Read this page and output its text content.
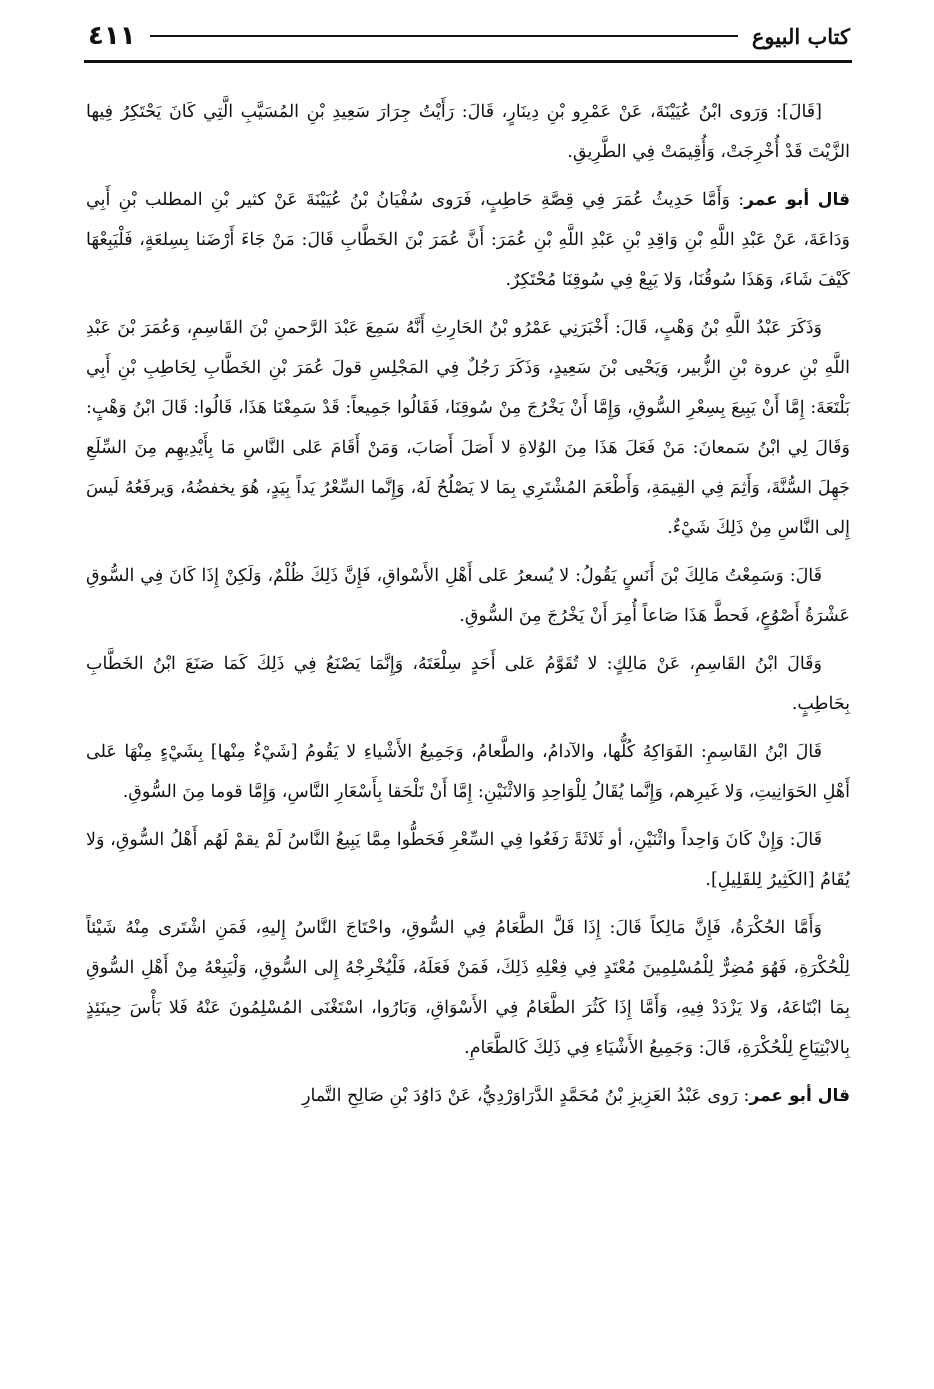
كتاب البيوع
٤١١

[قَالَ]: وَرَوى ابْنُ عُيَيْنَةَ، عَنْ عَمْرِو بْنِ دِينَارٍ، قَالَ: رَأَيْتُ جِرَارَ سَعِيدِ بْنِ المُسَيَّبِ الَّتِي كَانَ يَحْتَكِرُ فِيها الزَّيْتَ قَدْ أُخْرِجَتْ، وَأُقِيمَتْ فِي الطَّرِيقِ.

قال أبو عمر: وَأَمَّا حَدِيثُ عُمَرَ فِي قِصَّةِ حَاطِبٍ، فَرَوى سُفْيَانُ بْنُ عُيَيْنَةَ عَنْ كثير بْنِ المطلب بْنِ أَبِي وَدَاعَةَ، عَنْ عَبْدِ اللَّهِ بْنِ وَاقِدِ بْنِ عَبْدِ اللَّهِ بْنِ عُمَرَ: أَنَّ عُمَرَ بْنَ الخَطَّابِ قَالَ: مَنْ جَاءَ أَرْضَنا بِسِلعَةٍ، فَلْيَبِعْهَا كَيْفَ شَاءَ، وَهَذَا سُوقُنَا، وَلا يَبِعْ فِي سُوقِنَا مُحْتَكِرٌ.

وَذَكَرَ عَبْدُ اللَّهِ بْنُ وَهْبٍ، قَالَ: أَخْبَرَنِي عَمْرُو بْنُ الحَارِثِ أَنَّهُ سَمِعَ عَبْدَ الرَّحمنِ بْنَ القَاسِمِ، وَعُمَرَ بْنَ عَبْدِ اللَّهِ بْنِ عروة بْنِ الزُّبير، وَيَحْيى بْنَ سَعِيدٍ، وَذَكَرَ رَجُلٌ فِي المَجْلِسِ قولَ عُمَرَ بْنِ الخَطَّابِ لِحَاطِبِ بْنِ أَبِي بَلْتَعَةَ: إِمَّا أَنْ يَبِيعَ بِسِعْرِ السُّوقِ، وَإِمَّا أَنْ يَخْرُجَ مِنْ سُوقِنَا، فَقَالُوا جَمِيعاً: قَدْ سَمِعْنَا هَذَا، قَالُوا: قَالَ ابْنُ وَهْبٍ: وَقَالَ لِي ابْنُ سَمعانَ: مَنْ فَعَلَ هَذَا مِنَ الوُلاةِ لا أَصَلَ أَصَابَ، وَمَنْ أَقَامَ عَلى النَّاسِ مَا بِأَيْدِيهِم مِنَ السِّلَعِ جَهِلَ السُّنَّةَ، وَأَثِمَ فِي القِيمَةِ، وَأَطْعَمَ المُشْتَرِي بِمَا لا يَصْلُحُ لَهُ، وَإِنَّما السِّعْرُ يَداً بِيَدٍ، هُوَ يخفضُهُ، وَيرفَعُهُ لَيسَ إِلى النَّاسِ مِنْ ذَلِكَ شَيْءٌ.

قَالَ: وَسَمِعْتُ مَالِكَ بْنَ أَنَسٍ يَقُولُ: لا يُسعرُ عَلى أَهْلِ الأَسْواقِ، فَإِنَّ ذَلِكَ ظُلْمٌ، وَلَكِنْ إِذَا كَانَ فِي السُّوقِ عَشْرَةُ أَصْوُعٍ، فَحطَّ هَذَا صَاعاً أُمِرَ أَنْ يَخْرُجَ مِنَ السُّوقِ.

وَقَالَ ابْنُ القَاسِمِ، عَنْ مَالِكٍ: لا تُقَوَّمُ عَلى أَحَدٍ سِلْعَتَهُ، وَإِنَّمَا يَصْنَعُ فِي ذَلِكَ كَمَا صَنَعَ ابْنُ الخَطَّابِ بِحَاطِبٍ.

قَالَ ابْنُ القَاسِمِ: الفَوَاكِهُ كُلُّها، والآدامُ، والطَّعامُ، وَجَمِيعُ الأَشْياءِ لا يَقُومُ [شَيْءٌ مِنْها] بِشَيْءٍ مِنْهَا عَلى أَهْلِ الحَوَانِيتِ، وَلا غَيرِهم، وَإِنَّما يُقَالُ لِلْوَاحِدِ وَالاثْنَيْنِ: إِمَّا أَنْ تَلْحَقا بِأَسْعَارِ النَّاسِ، وَإِمَّا قوما مِنَ السُّوقِ.

قَالَ: وَإِنْ كَانَ وَاحِداً واثْنَيْنِ، أو ثَلاثَةً رَفَعُوا فِي السِّعْرِ فَحَطُّوا مِمَّا يَبِيعُ النَّاسُ لَمْ يقمْ لَهُم أَهْلُ السُّوقِ، وَلا يُقَامُ [الكَثِيرُ لِلقَلِيلِ].

وَأَمَّا الحُكْرَةُ، فَإِنَّ مَالِكاً قَالَ: إِذَا قَلَّ الطَّعَامُ فِي السُّوقِ، واحْتَاجَ النَّاسُ إِليهِ، فَمَنِ اشْتَرى مِنْهُ شَيْئاً لِلْحُكْرَةِ، فَهُوَ مُضِرٌّ لِلْمُسْلِمِينَ مُعْتَدٍ فِي فِعْلِهِ ذَلِكَ، فَمَنْ فَعَلَهُ، فَلْيُخْرِجْهُ إِلى السُّوقِ، وَلْيَبِعْهُ مِنْ أَهْلِ السُّوقِ بِمَا ابْتَاعَهُ، وَلا يَزْدَدْ فِيهِ، وَأَمَّا إِذَا كَثُرَ الطَّعَامُ فِي الأَسْوَاقِ، وَبَارُوا، اسْتَغْنَى المُسْلِمُونَ عَنْهُ فَلا بَأْسَ حِينَئِذٍ بِالابْتِيَاعِ لِلْحُكْرَةِ، قَالَ: وَجَمِيعُ الأَشْيَاءِ فِي ذَلِكَ كَالطَّعَامِ.

قال أبو عمر: رَوى عَبْدُ العَزِيزِ بْنُ مُحَمَّدٍ الدَّرَاوَرْدِيُّ، عَنْ دَاوُدَ بْنِ صَالِحِ التَّمارِ
